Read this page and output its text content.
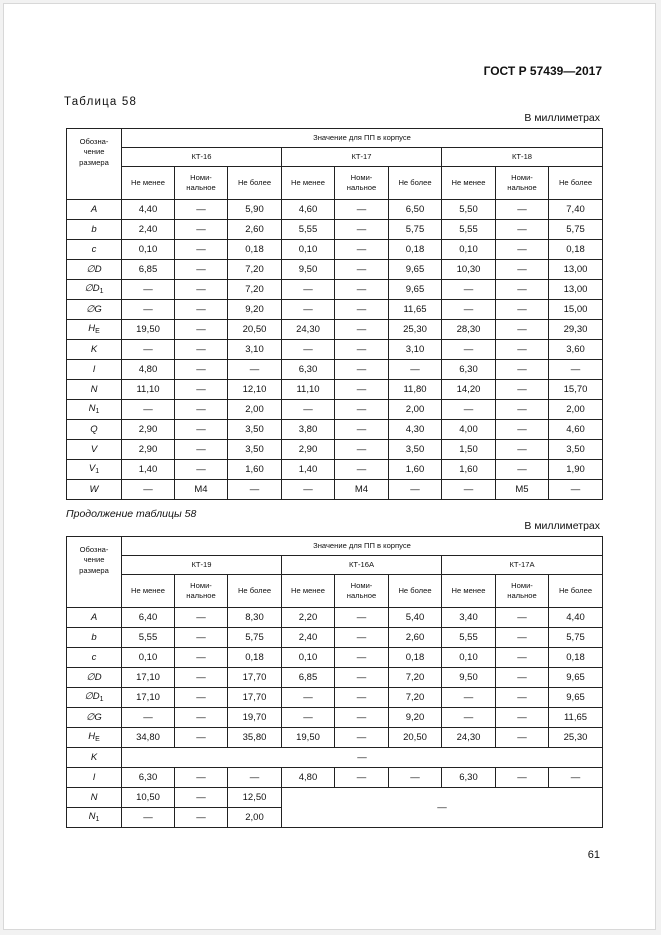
ГОСТ Р 57439—2017
Таблица 58
В миллиметрах
Обозна-
чение
размера	Значение для ПП в корпусе								
	КТ-16			КТ-17			КТ-18		
	Не менее	Номи-
нальное	Не более	Не менее	Номи-
нальное	Не более	Не менее	Номи-
нальное	Не более
A	4,40	—	5,90	4,60	—	6,50	5,50	—	7,40
b	2,40	—	2,60	5,55	—	5,75	5,55	—	5,75
c	0,10	—	0,18	0,10	—	0,18	0,10	—	0,18
∅D	6,85	—	7,20	9,50	—	9,65	10,30	—	13,00
$\emptyset D_1$	—	—	7,20	—	—	9,65	—	—	13,00
∅G	—	—	9,20	—	—	11,65	—	—	15,00
$H_E$	19,50	—	20,50	24,30	—	25,30	28,30	—	29,30
K	—	—	3,10	—	—	3,10	—	—	3,60
l	4,80	—	—	6,30	—	—	6,30	—	—
N	11,10	—	12,10	11,10	—	11,80	14,20	—	15,70
$N_1$	—	—	2,00	—	—	2,00	—	—	2,00
Q	2,90	—	3,50	3,80	—	4,30	4,00	—	4,60
V	2,90	—	3,50	2,90	—	3,50	1,50	—	3,50
$V_1$	1,40	—	1,60	1,40	—	1,60	1,60	—	1,90
W	—	M4	—	—	M4	—	—	M5	—
Продолжение таблицы 58
В миллиметрах
Обозна-
чение
размера	Значение для ПП в корпусе								
	КТ-19			КТ-16А			КТ-17А		
	Не менее	Номи-
нальное	Не более	Не менее	Номи-
нальное	Не более	Не менее	Номи-
нальное	Не более
A	6,40	—	8,30	2,20	—	5,40	3,40	—	4,40
b	5,55	—	5,75	2,40	—	2,60	5,55	—	5,75
c	0,10	—	0,18	0,10	—	0,18	0,10	—	0,18
∅D	17,10	—	17,70	6,85	—	7,20	9,50	—	9,65
$\emptyset D_1$	17,10	—	17,70	—	—	7,20	—	—	9,65
∅G	—	—	19,70	—	—	9,20	—	—	11,65
$H_E$	34,80	—	35,80	19,50	—	20,50	24,30	—	25,30
K	—								
l	6,30	—	—	4,80	—	—	6,30	—	—
N	10,50	—	12,50	—					
$N_1$	—	—	2,00						
61
